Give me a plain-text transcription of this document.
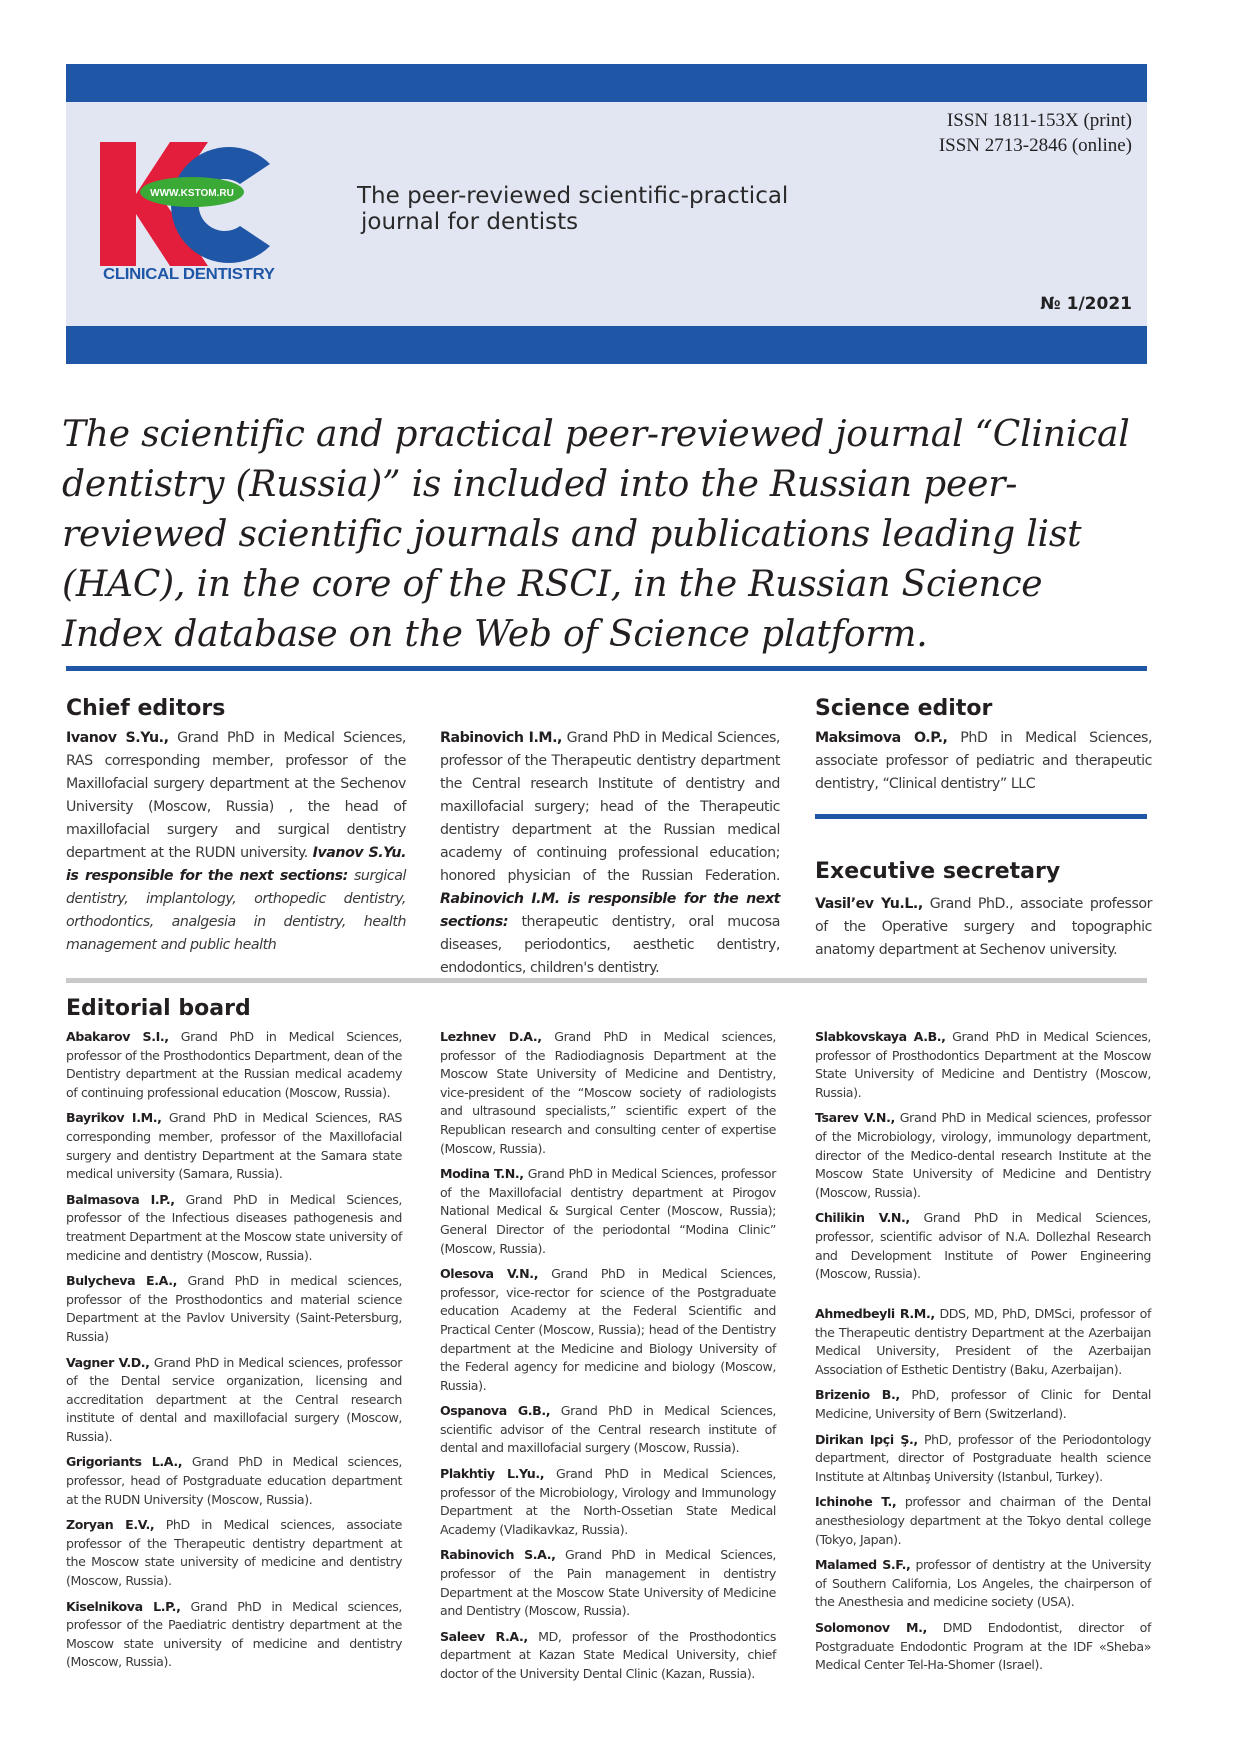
WWW.KSTOM.RU
CLINICAL DENTISTRY
The peer-reviewed scientific-practical
journal for dentists
ISSN 1811-153X (print)
ISSN 2713-2846 (online)
№ 1/2021
The scientific and practical peer-reviewed journal “Clinical dentistry (Russia)” is included into the Russian peer-reviewed scientific journals and publications leading list (HAC), in the core of the RSCI, in the Russian Science Index database on the Web of Science platform.
Chief editors
Ivanov S.Yu., Grand PhD in Medical Sciences, RAS corresponding member, professor of the Maxillofacial surgery department at the Sechenov University (Moscow, Russia) , the head of maxillofacial surgery and surgical dentistry department at the RUDN university. Ivanov S.Yu. is responsible for the next sections: surgical dentistry, implantology, orthopedic dentistry, orthodontics, analgesia in dentistry, health management and public health
Rabinovich I.M., Grand PhD in Medical Sciences, professor of the Therapeutic dentistry department the Central research Institute of dentistry and maxillofacial surgery; head of the Therapeutic dentistry department at the Russian medical academy of continuing professional education; honored physician of the Russian Federation. Rabinovich I.M. is responsible for the next sections: therapeutic dentistry, oral mucosa diseases, periodontics, aesthetic dentistry, endodontics, children's dentistry.
Science editor
Maksimova O.P., PhD in Medical Sciences, associate professor of pediatric and therapeutic dentistry, “Clinical dentistry” LLC
Executive secretary
Vasil’ev Yu.L., Grand PhD., associate professor of the Operative surgery and topographic anatomy department at Sechenov university.
Editorial board
Abakarov S.I., Grand PhD in Medical Sciences, professor of the Prosthodontics Department, dean of the Dentistry department at the Russian medical academy of continuing professional education (Moscow, Russia).
Bayrikov I.M., Grand PhD in Medical Sciences, RAS corresponding member, professor of the Maxillofacial surgery and dentistry Department at the Samara state medical university (Samara, Russia).
Balmasova I.P., Grand PhD in Medical Sciences, professor of the Infectious diseases pathogenesis and treatment Department at the Moscow state university of medicine and dentistry (Moscow, Russia).
Bulycheva E.A., Grand PhD in medical sciences, professor of the Prosthodontics and material science Department at the Pavlov University (Saint-Petersburg, Russia)
Vagner V.D., Grand PhD in Medical sciences, professor of the Dental service organization, licensing and accreditation department at the Central research institute of dental and maxillofacial surgery (Moscow, Russia).
Grigoriants L.A., Grand PhD in Medical sciences, professor, head of Postgraduate education department at the RUDN University (Moscow, Russia).
Zoryan E.V., PhD in Medical sciences, associate professor of the Therapeutic dentistry department at the Moscow state university of medicine and dentistry (Moscow, Russia).
Kiselnikova L.P., Grand PhD in Medical sciences, professor of the Paediatric dentistry department at the Moscow state university of medicine and dentistry (Moscow, Russia).
Lezhnev D.A., Grand PhD in Medical sciences, professor of the Radiodiagnosis Department at the Moscow State University of Medicine and Dentistry, vice-president of the “Moscow society of radiologists and ultrasound specialists,” scientific expert of the Republican research and consulting center of expertise (Moscow, Russia).
Modina T.N., Grand PhD in Medical Sciences, professor of the Maxillofacial dentistry department at Pirogov National Medical & Surgical Center (Moscow, Russia); General Director of the periodontal “Modina Clinic” (Moscow, Russia).
Olesova V.N., Grand PhD in Medical Sciences, professor, vice-rector for science of the Postgraduate education Academy at the Federal Scientific and Practical Center (Moscow, Russia); head of the Dentistry department at the Medicine and Biology University of the Federal agency for medicine and biology (Moscow, Russia).
Ospanova G.B., Grand PhD in Medical Sciences, scientific advisor of the Central research institute of dental and maxillofacial surgery (Moscow, Russia).
Plakhtiy L.Yu., Grand PhD in Medical Sciences, professor of the Microbiology, Virology and Immunology Department at the North-Ossetian State Medical Academy (Vladikavkaz, Russia).
Rabinovich S.A., Grand PhD in Medical Sciences, professor of the Pain management in dentistry Department at the Moscow State University of Medicine and Dentistry (Moscow, Russia).
Saleev R.A., MD, professor of the Prosthodontics department at Kazan State Medical University, chief doctor of the University Dental Clinic (Kazan, Russia).
Slabkovskaya A.B., Grand PhD in Medical Sciences, professor of Prosthodontics Department at the Moscow State University of Medicine and Dentistry (Moscow, Russia).
Tsarev V.N., Grand PhD in Medical sciences, professor of the Microbiology, virology, immunology department, director of the Medico-dental research Institute at the Moscow State University of Medicine and Dentistry (Moscow, Russia).
Chilikin V.N., Grand PhD in Medical Sciences, professor, scientific advisor of N.A. Dollezhal Research and Development Institute of Power Engineering (Moscow, Russia).
Ahmedbeyli R.M., DDS, MD, PhD, DMSci, professor of the Therapeutic dentistry Department at the Azerbaijan Medical University, President of the Azerbaijan Association of Esthetic Dentistry (Baku, Azerbaijan).
Brizenio B., PhD, professor of Clinic for Dental Medicine, University of Bern (Switzerland).
Dirikan Ipçi Ş., PhD, professor of the Periodontology department, director of Postgraduate health science Institute at Altınbaş University (Istanbul, Turkey).
Ichinohe T., professor and chairman of the Dental anesthesiology department at the Tokyo dental college (Tokyo, Japan).
Malamed S.F., professor of dentistry at the University of Southern California, Los Angeles, the chairperson of the Anesthesia and medicine society (USA).
Solomonov M., DMD Endodontist, director of Postgraduate Endodontic Program at the IDF «Sheba» Medical Center Tel-Ha-Shomer (Israel).
